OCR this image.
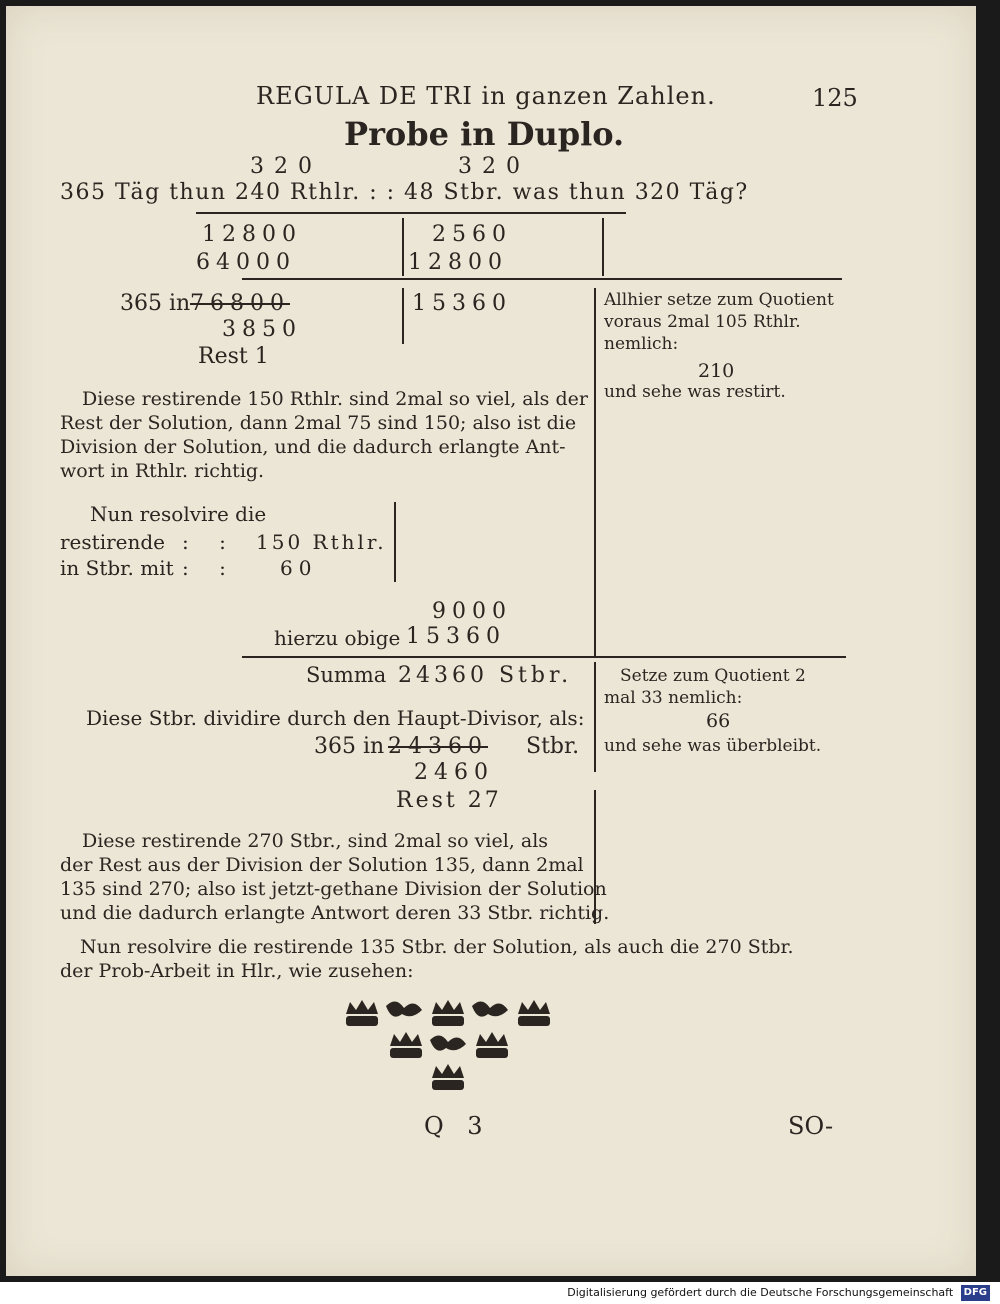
REGULA DE TRI in ganzen Zahlen.	125
Probe in Duplo.
320	320
365 Täg thun 240 Rthlr. : : 48 Stbr. was thun 320 Täg?
12800
64000
2560
12800
365 in 76800
3850
Rest 1
15360	Allhier setze zum Quotient
voraus 2mal 105 Rthlr.
nemlich:
210
und sehe was restirt.
Diese restirende 150 Rthlr. sind 2mal so viel, als der
Rest der Solution, dann 2mal 75 sind 150; also ist die
Division der Solution, und die dadurch erlangte Ant-
wort in Rthlr. richtig.
Nun resolvire die
restirende : : 150 Rthlr.
in Stbr. mit : : 60
9000
hierzu obige 15360
Summa 24360 Stbr.	Setze zum Quotient 2
mal 33 nemlich:
66
und sehe was überbleibt.
Diese Stbr. dividire durch den Haupt-Divisor, als:
365 in 24360 Stbr.
2460
Rest 27
Diese restirende 270 Stbr., sind 2mal so viel, als
der Rest aus der Division der Solution 135, dann 2mal
135 sind 270; also ist jetzt-gethane Division der Solution
und die dadurch erlangte Antwort deren 33 Stbr. richtig.
Nun resolvire die restirende 135 Stbr. der Solution, als auch die 270 Stbr.
der Prob-Arbeit in Hlr., wie zusehen:
Q 3	SO-
Digitalisierung gefördert durch die Deutsche Forschungsgemeinschaft DFG
